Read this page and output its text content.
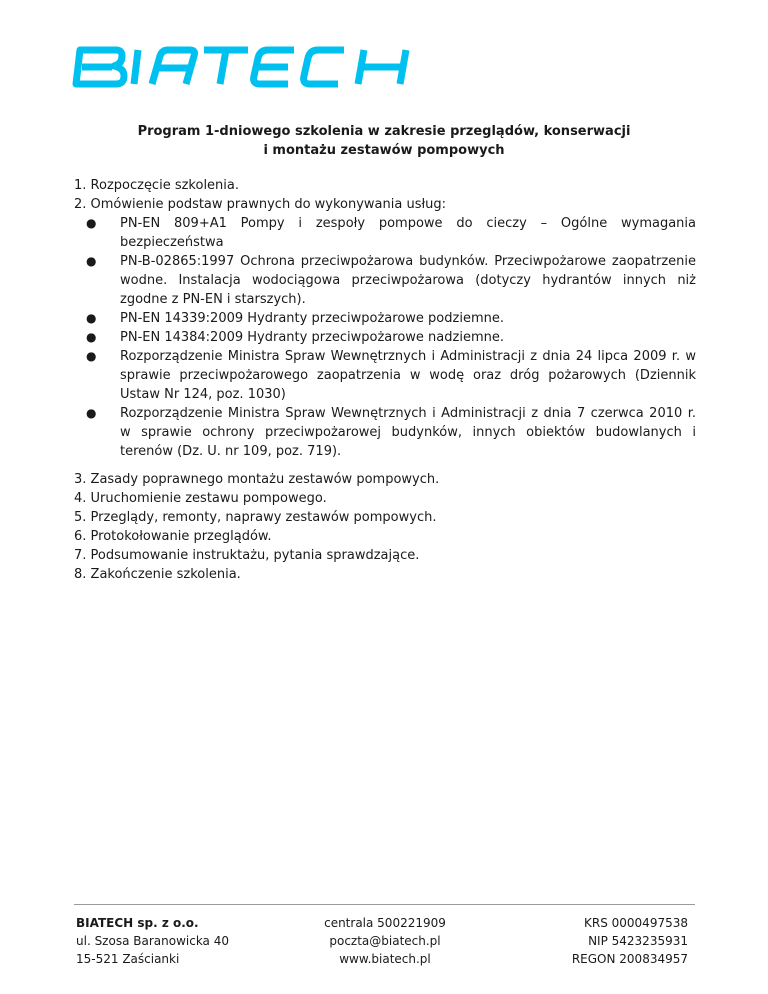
Program 1-dniowego szkolenia w zakresie przeglądów, konserwacji
i montażu zestawów pompowych

1. Rozpoczęcie szkolenia.

2. Omówienie podstaw prawnych do wykonywania usług:

● PN-EN 809+A1 Pompy i zespoły pompowe do cieczy – Ogólne wymagania bezpieczeństwa
● PN-B-02865:1997 Ochrona przeciwpożarowa budynków. Przeciwpożarowe zaopatrzenie wodne. Instalacja wodociągowa przeciwpożarowa (dotyczy hydrantów innych niż zgodne z PN-EN i starszych).
● PN-EN 14339:2009 Hydranty przeciwpożarowe podziemne.
● PN-EN 14384:2009 Hydranty przeciwpożarowe nadziemne.
● Rozporządzenie Ministra Spraw Wewnętrznych i Administracji z dnia 24 lipca 2009 r. w sprawie przeciwpożarowego zaopatrzenia w wodę oraz dróg pożarowych (Dziennik Ustaw Nr 124, poz. 1030)
● Rozporządzenie Ministra Spraw Wewnętrznych i Administracji z dnia 7 czerwca 2010 r. w sprawie ochrony przeciwpożarowej budynków, innych obiektów budowlanych i terenów (Dz. U. nr 109, poz. 719).

3. Zasady poprawnego montażu zestawów pompowych.

4. Uruchomienie zestawu pompowego.

5. Przeglądy, remonty, naprawy zestawów pompowych.

6. Protokołowanie przeglądów.

7. Podsumowanie instruktażu, pytania sprawdzające.

8. Zakończenie szkolenia.

BIATECH sp. z o.o.
ul. Szosa Baranowicka 40
15-521 Zaścianki
centrala 500221909
poczta@biatech.pl
www.biatech.pl
KRS 0000497538
NIP 5423235931
REGON 200834957
